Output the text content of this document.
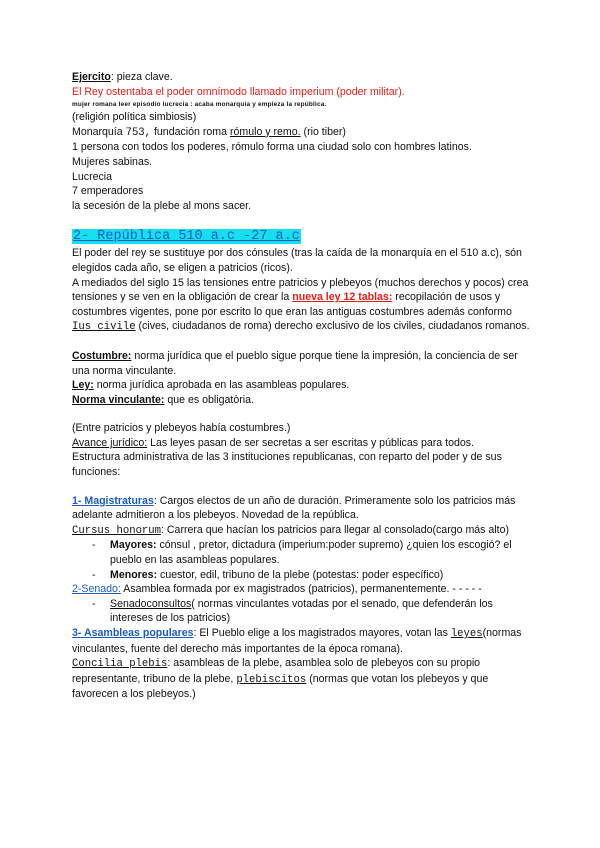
Ejercito: pieza clave.
El Rey ostentaba el poder omnímodo llamado imperium (poder militar).
mujer romana leer episodio lucrecia : acaba monarquía y empieza la república.
(religión política simbiosis)
Monarquía 753, fundación roma rómulo y remo. (rio tiber)
1 persona con todos los poderes, rómulo forma una ciudad solo con hombres latinos.
Mujeres sabinas.
Lucrecia
7 emperadores
la secesión de la plebe al mons sacer.
2- República 510 a.c -27 a.c
El poder del rey se sustituye por dos cónsules (tras la caída de la monarquía en el 510 a.c), són elegidos cada año, se eligen a patricios (ricos).
A mediados del siglo 15 las tensiones entre patricios y plebeyos (muchos derechos y pocos) crea tensiones y se ven en la obligación de crear la nueva ley 12 tablas: recopilación de usos y costumbres vigentes, pone por escrito lo que eran las antiguas costumbres además conformo Ius civile (cives, ciudadanos de roma) derecho exclusivo de los civiles, ciudadanos romanos.
Costumbre: norma jurídica que el pueblo sigue porque tiene la impresión, la conciencia de ser una norma vinculante.
Ley: norma jurídica aprobada en las asambleas populares.
Norma vinculante: que es obligatòria.
(Entre patricios y plebeyos había costumbres.)
Avance jurídico: Las leyes pasan de ser secretas a ser escritas y públicas para todos.
Estructura administrativa de las 3 instituciones republicanas, con reparto del poder y de sus funciones:
1- Magistraturas: Cargos electos de un año de duración. Primeramente solo los patricios más adelante admitieron a los plebeyos. Novedad de la república.
Cursus honorum: Carrera que hacían los patricios para llegar al consolado(cargo más alto)
- Mayores: cónsul , pretor, dictadura (imperium:poder supremo) ¿quien los escogió? el pueblo en las asambleas populares.
- Menores: cuestor, edil, tribuno de la plebe (potestas: poder específico)
2-Senado: Asamblea formada por ex magistrados (patricios), permanentemente. - - - - -
- Senadoconsultos( normas vinculantes votadas por el senado, que defenderán los intereses de los patricios)
3- Asambleas populares: El Pueblo elige a los magistrados mayores, votan las leyes(normas vinculantes, fuente del derecho más importantes de la época romana).
Concilia plebis: asambleas de la plebe, asamblea solo de plebeyos con su propio representante, tribuno de la plebe, plebiscitos (normas que votan los plebeyos y que favorecen a los plebeyos.)
